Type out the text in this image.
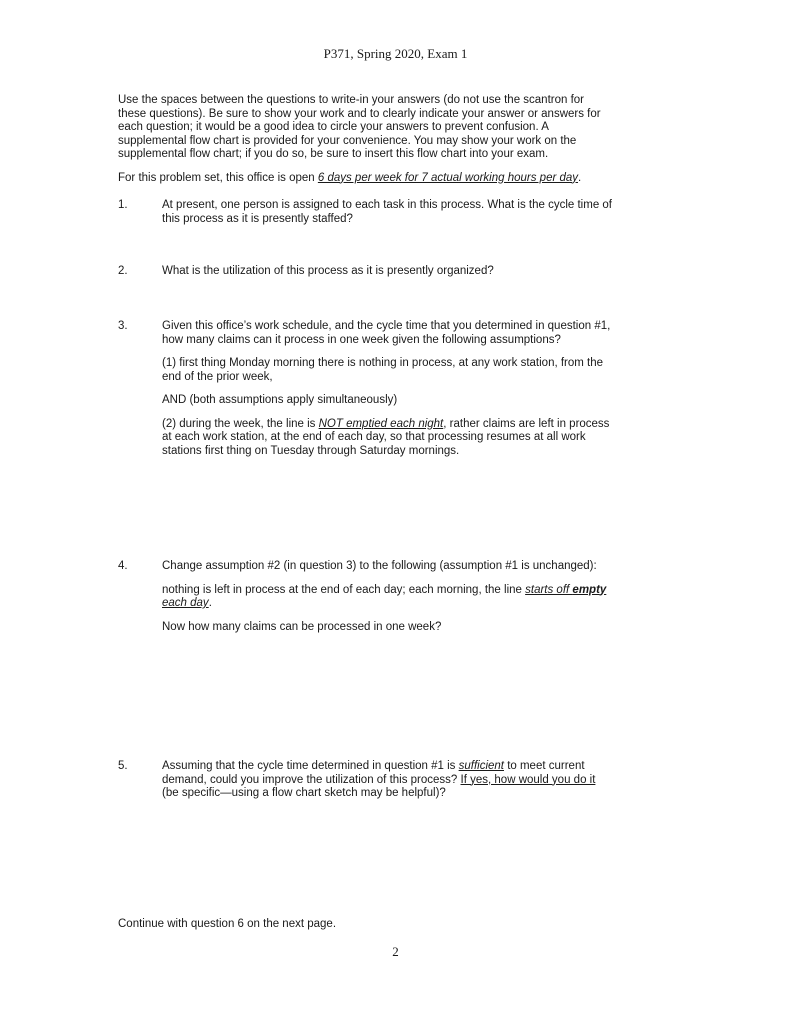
P371, Spring 2020, Exam 1

Use the spaces between the questions to write-in your answers (do not use the scantron for

these questions). Be sure to show your work and to clearly indicate your answer or answers for

each question; it would be a good idea to circle your answers to prevent confusion. A

supplemental flow chart is provided for your convenience. You may show your work on the

supplemental flow chart; if you do so, be sure to insert this flow chart into your exam.

For this problem set, this office is open 6 days per week for 7 actual working hours per day.

1.	At present, one person is assigned to each task in this process. What is the cycle time of

this process as it is presently staffed?

2.	What is the utilization of this process as it is presently organized?

3.	Given this office’s work schedule, and the cycle time that you determined in question #1,

how many claims can it process in one week given the following assumptions?

(1) first thing Monday morning there is nothing in process, at any work station, from the

end of the prior week,

AND (both assumptions apply simultaneously)

(2) during the week, the line is NOT emptied each night, rather claims are left in process

at each work station, at the end of each day, so that processing resumes at all work

stations first thing on Tuesday through Saturday mornings.

4.	Change assumption #2 (in question 3) to the following (assumption #1 is unchanged):

nothing is left in process at the end of each day; each morning, the line starts off empty

each day.

Now how many claims can be processed in one week?

5.	Assuming that the cycle time determined in question #1 is sufficient to meet current

demand, could you improve the utilization of this process? If yes, how would you do it

(be specific—using a flow chart sketch may be helpful)?

Continue with question 6 on the next page.
2
